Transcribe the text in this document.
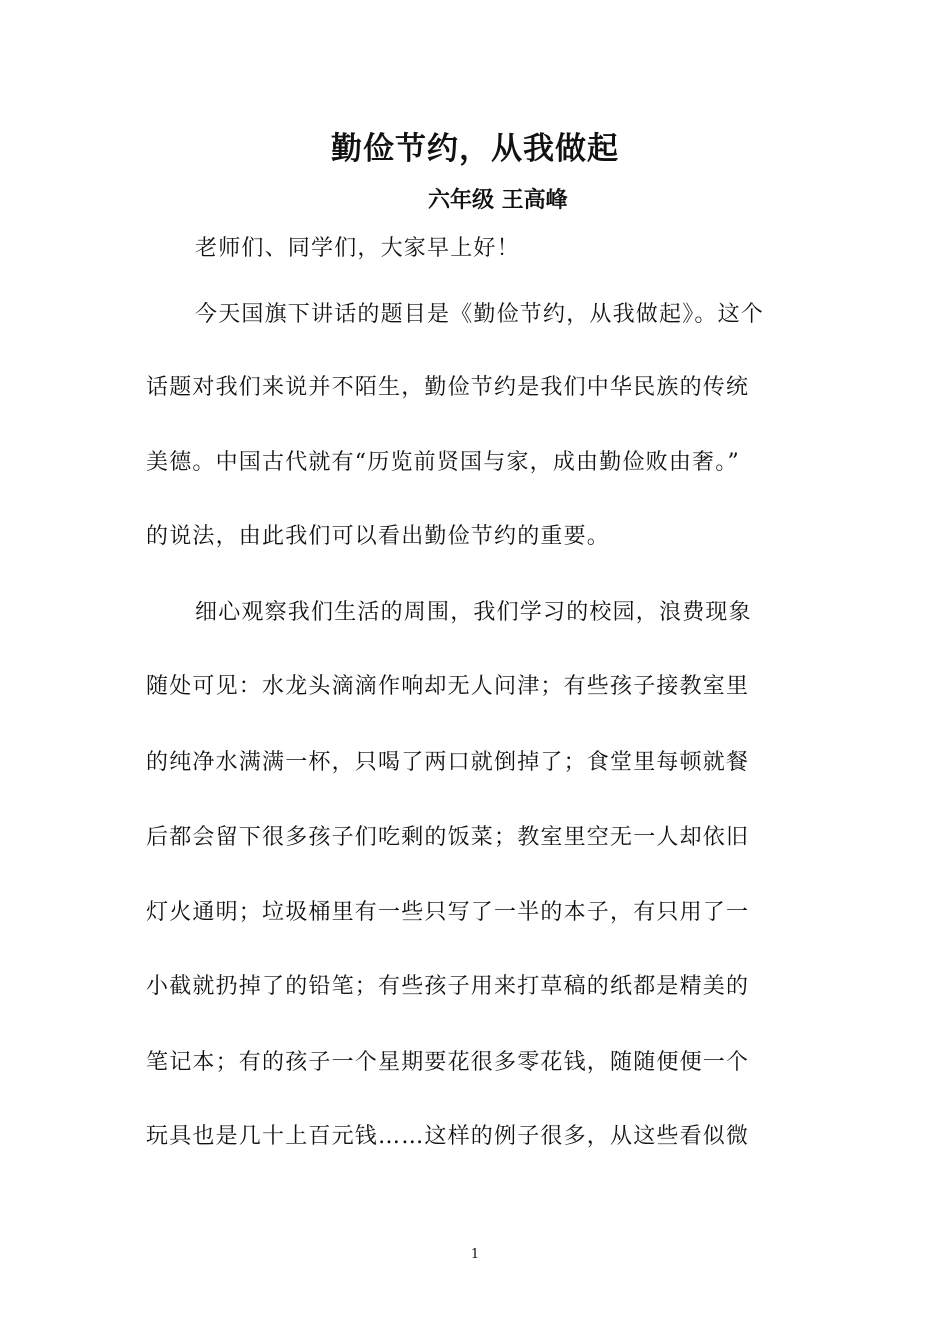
勤俭节约，从我做起
六年级 王高峰
老师们、同学们，大家早上好！
今天国旗下讲话的题目是《勤俭节约，从我做起》。这个
话题对我们来说并不陌生，勤俭节约是我们中华民族的传统
美德。中国古代就有“历览前贤国与家，成由勤俭败由奢。”
的说法，由此我们可以看出勤俭节约的重要。
细心观察我们生活的周围，我们学习的校园，浪费现象
随处可见：水龙头滴滴作响却无人问津；有些孩子接教室里
的纯净水满满一杯，只喝了两口就倒掉了；食堂里每顿就餐
后都会留下很多孩子们吃剩的饭菜；教室里空无一人却依旧
灯火通明；垃圾桶里有一些只写了一半的本子，有只用了一
小截就扔掉了的铅笔；有些孩子用来打草稿的纸都是精美的
笔记本；有的孩子一个星期要花很多零花钱，随随便便一个
玩具也是几十上百元钱……这样的例子很多，从这些看似微
1
